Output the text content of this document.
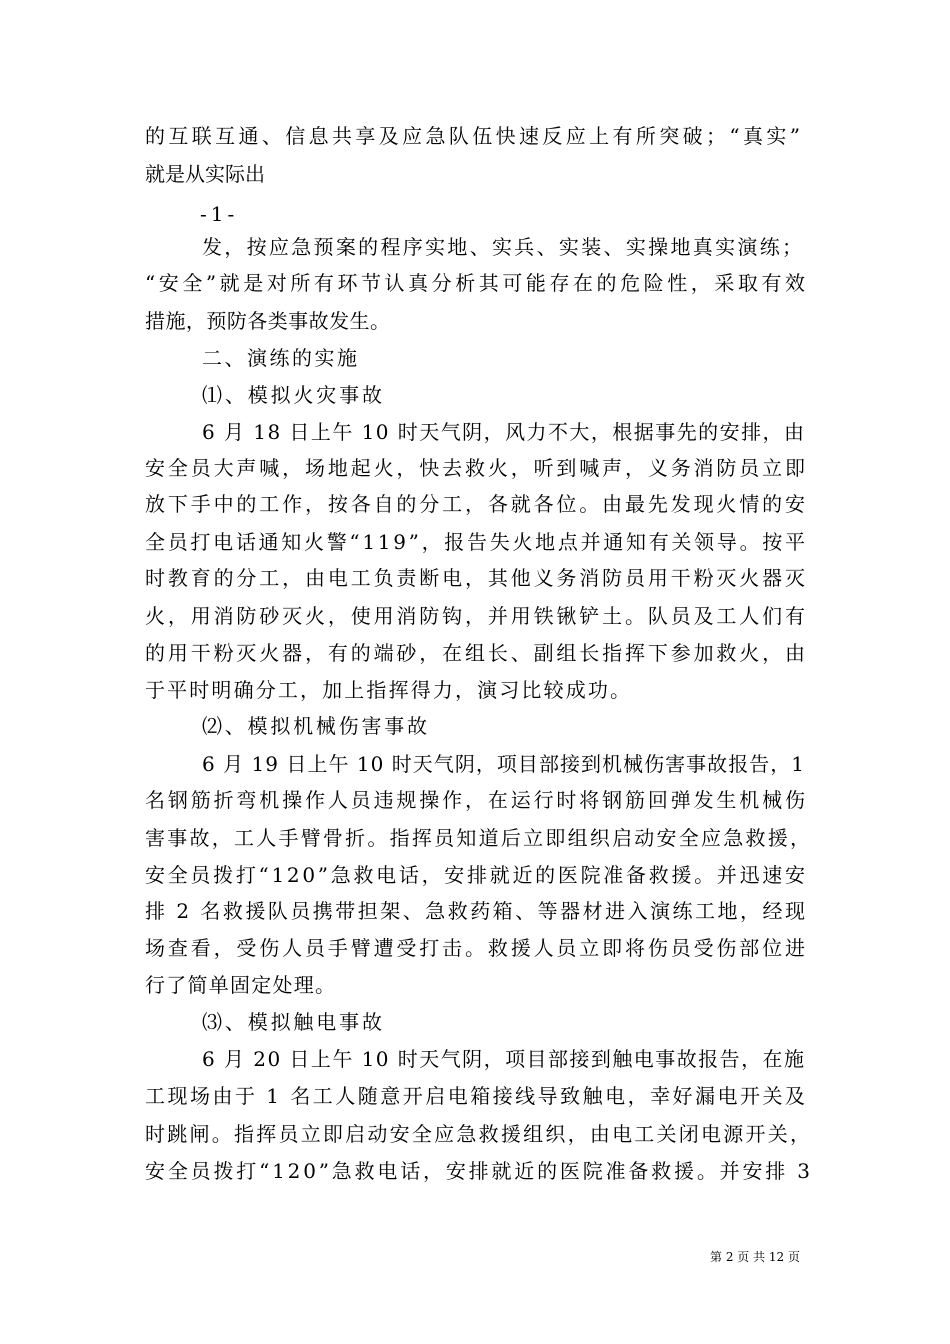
的互联互通、信息共享及应急队伍快速反应上有所突破；“真实”
就是从实际出
-1-
发，按应急预案的程序实地、实兵、实装、实操地真实演练；
“安全”就是对所有环节认真分析其可能存在的危险性，采取有效
措施，预防各类事故发生。
二、演练的实施
⑴、模拟火灾事故
6 月 18 日上午 10 时天气阴，风力不大，根据事先的安排，由
安全员大声喊，场地起火，快去救火，听到喊声，义务消防员立即
放下手中的工作，按各自的分工，各就各位。由最先发现火情的安
全员打电话通知火警“119”，报告失火地点并通知有关领导。按平
时教育的分工，由电工负责断电，其他义务消防员用干粉灭火器灭
火，用消防砂灭火，使用消防钩，并用铁锹铲土。队员及工人们有
的用干粉灭火器，有的端砂，在组长、副组长指挥下参加救火，由
于平时明确分工，加上指挥得力，演习比较成功。
⑵、模拟机械伤害事故
6 月 19 日上午 10 时天气阴，项目部接到机械伤害事故报告，1
名钢筋折弯机操作人员违规操作，在运行时将钢筋回弹发生机械伤
害事故，工人手臂骨折。指挥员知道后立即组织启动安全应急救援，
安全员拨打“120”急救电话，安排就近的医院准备救援。并迅速安
排 2 名救援队员携带担架、急救药箱、等器材进入演练工地，经现
场查看，受伤人员手臂遭受打击。救援人员立即将伤员受伤部位进
行了简单固定处理。
⑶、模拟触电事故
6 月 20 日上午 10 时天气阴，项目部接到触电事故报告，在施
工现场由于 1 名工人随意开启电箱接线导致触电，幸好漏电开关及
时跳闸。指挥员立即启动安全应急救援组织，由电工关闭电源开关，
安全员拨打“120”急救电话，安排就近的医院准备救援。并安排 3
第 2 页 共 12 页
